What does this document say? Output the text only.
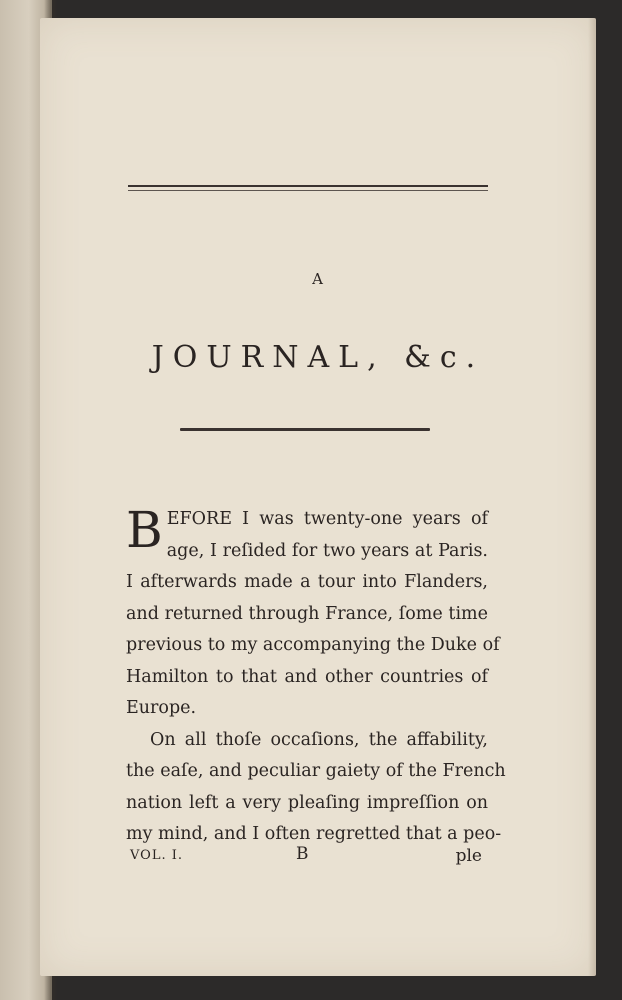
A
JOURNAL, &c.
B EFORE I was twenty-one years of
age, I reſided for two years at Paris.
I afterwards made a tour into Flanders,
and returned through France, ſome time
previous to my accompanying the Duke of
Hamilton to that and other countries of
Europe.
On all thoſe occaſions, the affability,
the eaſe, and peculiar gaiety of the French
nation left a very pleaſing impreſſion on
my mind, and I often regretted that a peo-
VOL. I.	B	ple
